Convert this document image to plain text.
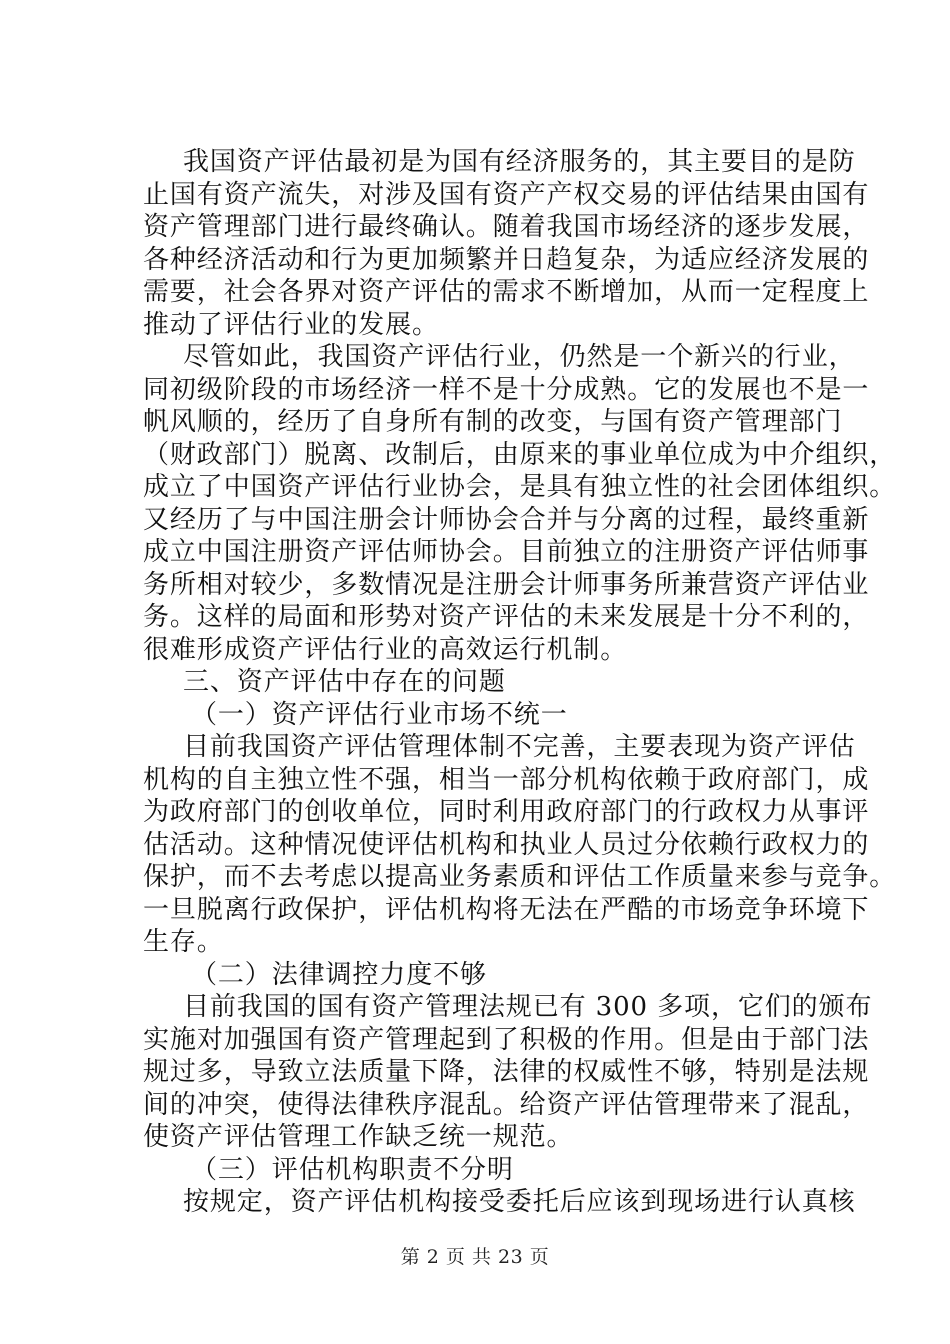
我国资产评估最初是为国有经济服务的，其主要目的是防
止国有资产流失，对涉及国有资产产权交易的评估结果由国有
资产管理部门进行最终确认。随着我国市场经济的逐步发展，
各种经济活动和行为更加频繁并日趋复杂，为适应经济发展的
需要，社会各界对资产评估的需求不断增加，从而一定程度上
推动了评估行业的发展。
尽管如此，我国资产评估行业，仍然是一个新兴的行业，
同初级阶段的市场经济一样不是十分成熟。它的发展也不是一
帆风顺的，经历了自身所有制的改变，与国有资产管理部门
（财政部门）脱离、改制后，由原来的事业单位成为中介组织，
成立了中国资产评估行业协会，是具有独立性的社会团体组织。
又经历了与中国注册会计师协会合并与分离的过程，最终重新
成立中国注册资产评估师协会。目前独立的注册资产评估师事
务所相对较少，多数情况是注册会计师事务所兼营资产评估业
务。这样的局面和形势对资产评估的未来发展是十分不利的，
很难形成资产评估行业的高效运行机制。
三、资产评估中存在的问题
（一）资产评估行业市场不统一
目前我国资产评估管理体制不完善，主要表现为资产评估
机构的自主独立性不强，相当一部分机构依赖于政府部门，成
为政府部门的创收单位，同时利用政府部门的行政权力从事评
估活动。这种情况使评估机构和执业人员过分依赖行政权力的
保护，而不去考虑以提高业务素质和评估工作质量来参与竞争。
一旦脱离行政保护，评估机构将无法在严酷的市场竞争环境下
生存。
（二）法律调控力度不够
目前我国的国有资产管理法规已有 300 多项，它们的颁布
实施对加强国有资产管理起到了积极的作用。但是由于部门法
规过多，导致立法质量下降，法律的权威性不够，特别是法规
间的冲突，使得法律秩序混乱。给资产评估管理带来了混乱，
使资产评估管理工作缺乏统一规范。
（三）评估机构职责不分明
按规定，资产评估机构接受委托后应该到现场进行认真核
第 2 页 共 23 页
